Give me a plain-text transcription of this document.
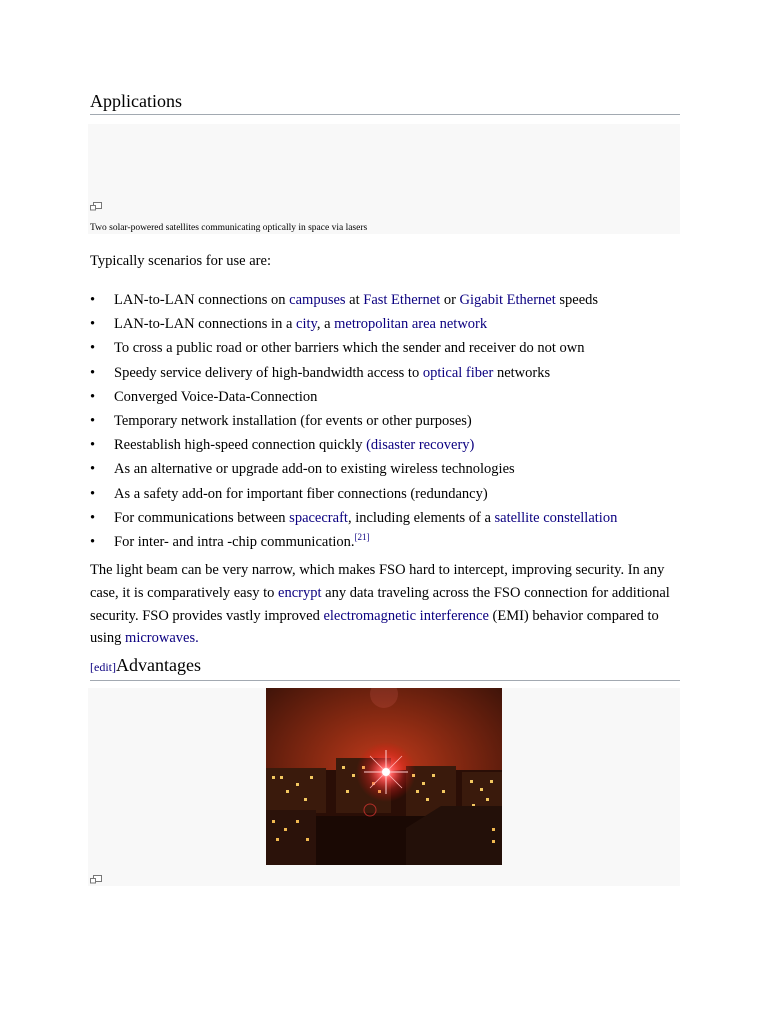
Applications
Two solar-powered satellites communicating optically in space via lasers
Typically scenarios for use are:
• LAN-to-LAN connections on campuses at Fast Ethernet or Gigabit Ethernet speeds
• LAN-to-LAN connections in a city, a metropolitan area network
• To cross a public road or other barriers which the sender and receiver do not own
• Speedy service delivery of high-bandwidth access to optical fiber networks
• Converged Voice-Data-Connection
• Temporary network installation (for events or other purposes)
• Reestablish high-speed connection quickly (disaster recovery)
• As an alternative or upgrade add-on to existing wireless technologies
• As a safety add-on for important fiber connections (redundancy)
• For communications between spacecraft, including elements of a satellite constellation
• For inter- and intra -chip communication.[21]
The light beam can be very narrow, which makes FSO hard to intercept, improving security. In any case, it is comparatively easy to encrypt any data traveling across the FSO connection for additional security. FSO provides vastly improved electromagnetic interference (EMI) behavior compared to using microwaves.
[edit]Advantages
